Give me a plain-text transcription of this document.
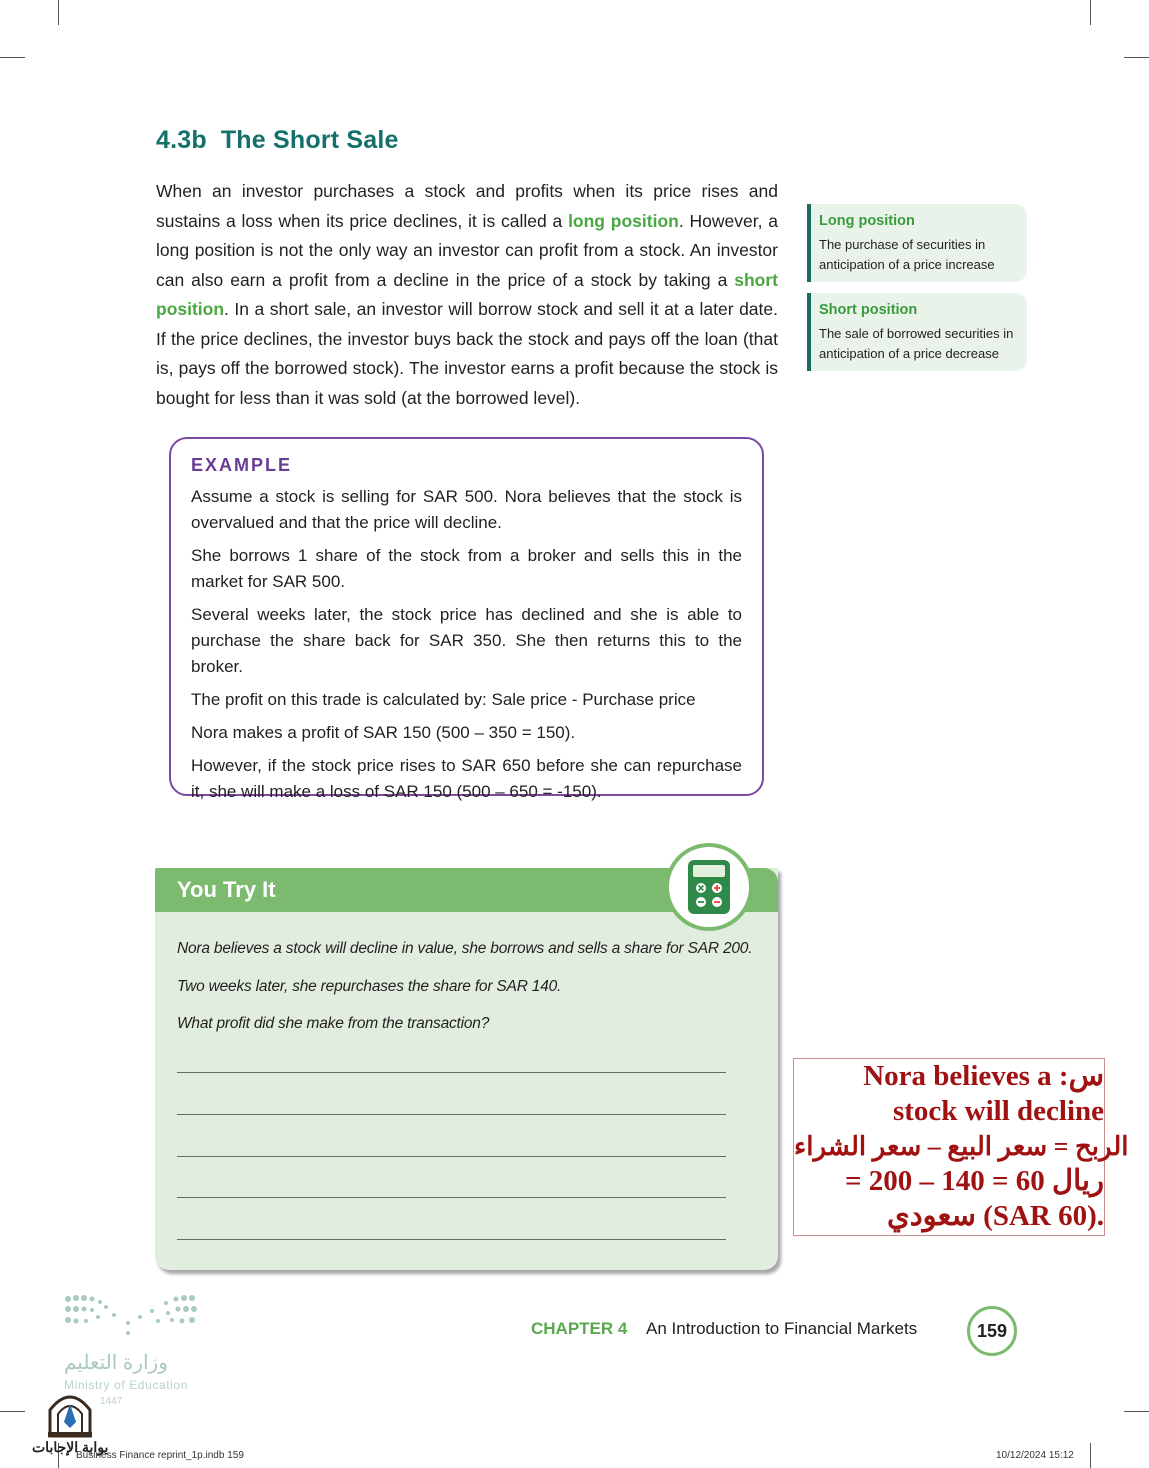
4.3b The Short Sale
When an investor purchases a stock and profits when its price rises and sustains a loss when its price declines, it is called a long position. However, a long position is not the only way an investor can profit from a stock. An investor can also earn a profit from a decline in the price of a stock by taking a short position. In a short sale, an investor will borrow stock and sell it at a later date. If the price declines, the investor buys back the stock and pays off the loan (that is, pays off the borrowed stock). The investor earns a profit because the stock is bought for less than it was sold (at the borrowed level).
Long position
The purchase of securities in anticipation of a price increase
Short position
The sale of borrowed securities in anticipation of a price decrease
EXAMPLE

Assume a stock is selling for SAR 500. Nora believes that the stock is overvalued and that the price will decline.

She borrows 1 share of the stock from a broker and sells this in the market for SAR 500.

Several weeks later, the stock price has declined and she is able to purchase the share back for SAR 350. She then returns this to the broker.

The profit on this trade is calculated by: Sale price - Purchase price

Nora makes a profit of SAR 150 (500 – 350 = 150).

However, if the stock price rises to SAR 650 before she can repurchase it, she will make a loss of SAR 150 (500 – 650 = -150).

You Try It
Nora believes a stock will decline in value, she borrows and sells a share for SAR 200.
Two weeks later, she repurchases the share for SAR 140.
What profit did she make from the transaction?
Nora believes a :س
stock will decline
الربح = سعر البيع – سعر الشراء
= 200 – 140 = 60 ريال
سعودي (SAR 60).
وزارة التعليم
Ministry of Education
1447
بوابة الإجابات
CHAPTER 4 An Introduction to Financial Markets	159
Business Finance reprint_1p.indb 159	10/12/2024 15:12
